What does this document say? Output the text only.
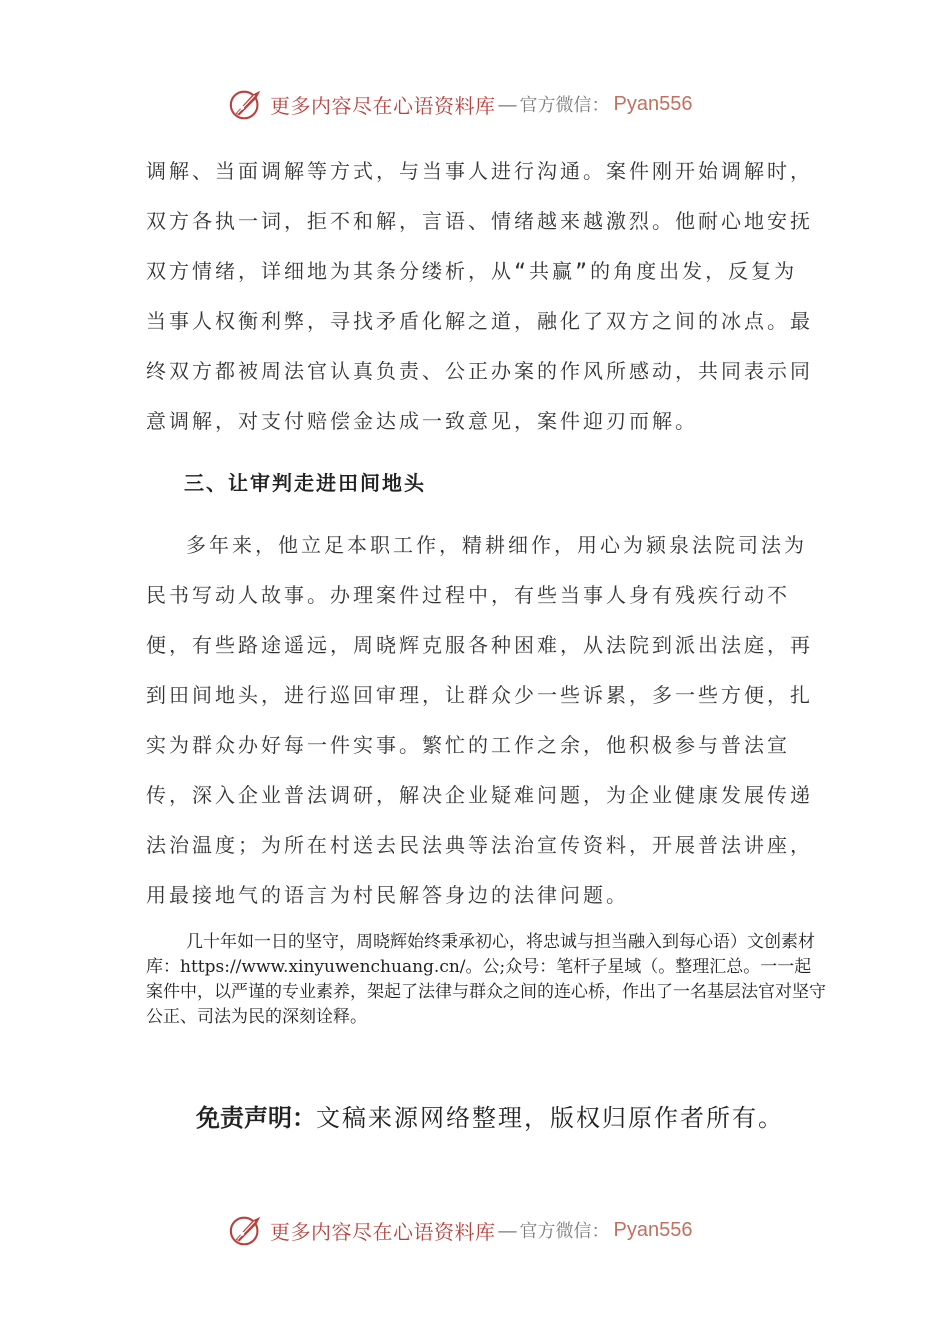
更多内容尽在心语资料库 — 官方微信： Pyan556

调解、当面调解等方式，与当事人进行沟通。案件刚开始调解时，双方各执一词，拒不和解，言语、情绪越来越激烈。他耐心地安抚双方情绪，详细地为其条分缕析，从“共赢”的角度出发，反复为当事人权衡利弊，寻找矛盾化解之道，融化了双方之间的冰点。最终双方都被周法官认真负责、公正办案的作风所感动，共同表示同意调解，对支付赔偿金达成一致意见，案件迎刃而解。

三、让审判走进田间地头

多年来，他立足本职工作，精耕细作，用心为颍泉法院司法为民书写动人故事。办理案件过程中，有些当事人身有残疾行动不便，有些路途遥远，周晓辉克服各种困难，从法院到派出法庭，再到田间地头，进行巡回审理，让群众少一些诉累，多一些方便，扎实为群众办好每一件实事。繁忙的工作之余，他积极参与普法宣传，深入企业普法调研，解决企业疑难问题，为企业健康发展传递法治温度；为所在村送去民法典等法治宣传资料，开展普法讲座，用最接地气的语言为村民解答身边的法律问题。

几十年如一日的坚守，周晓辉始终秉承初心，将忠诚与担当融入到每心语）文创素材库：https://www.xinyuwenchuang.cn/。公;众号：笔杆子星域（。整理汇总。一一起案件中，以严谨的专业素养，架起了法律与群众之间的连心桥，作出了一名基层法官对坚守公正、司法为民的深刻诠释。

免责声明：文稿来源网络整理，版权归原作者所有。

更多内容尽在心语资料库 — 官方微信： Pyan556
